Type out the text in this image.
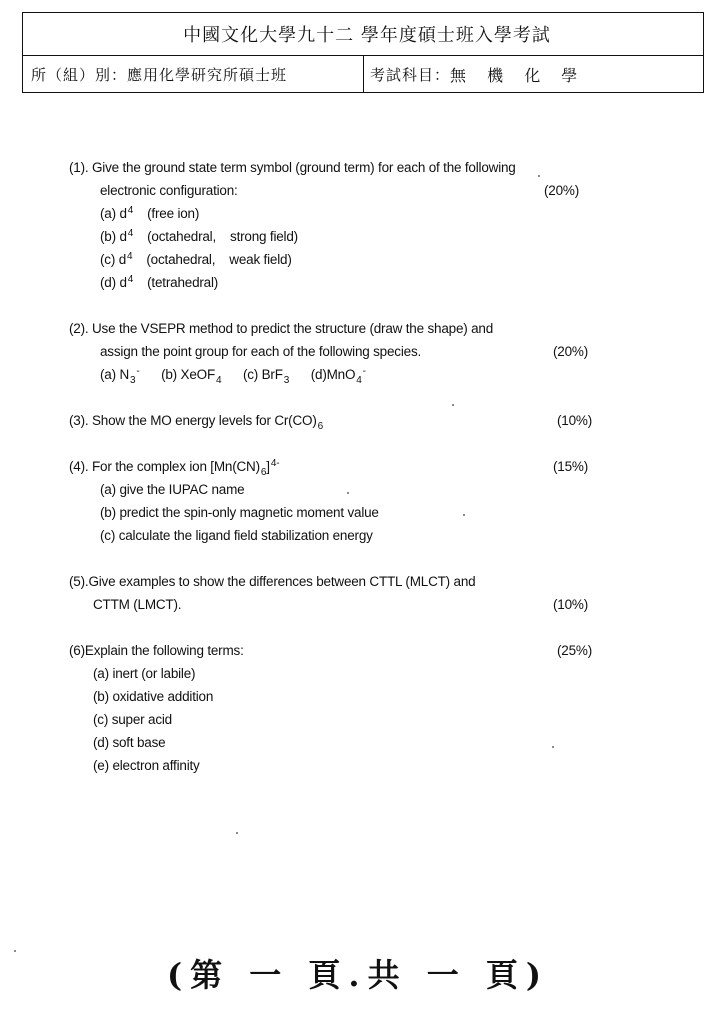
中國文化大學九十二 學年度碩士班入學考試
所（組）別： 應用化學研究所碩士班	考試科目： 無 機 化 學
(1). Give the ground state term symbol (ground term) for each of the following
electronic configuration:	(20%)
(a) $d^4$ (free ion)
(b) $d^4$ (octahedral, strong field)
(c) $d^4$ (octahedral, weak field)
(d) $d^4$ (tetrahedral)
(2). Use the VSEPR method to predict the structure (draw the shape) and
assign the point group for each of the following species.	(20%)
(a) $N_3^-$ (b) XeOF$_4$ (c) BrF$_3$ (d)MnO$_4$-
(3). Show the MO energy levels for $Cr(CO)_6$	(10%)
(4). For the complex ion $[Mn(CN)_6]^{4-}$	(15%)
(a) give the IUPAC name
(b) predict the spin-only magnetic moment value
(c) calculate the ligand field stabilization energy
(5).Give examples to show the differences between CTTL (MLCT) and
CTTM (LMCT).	(10%)
(6)Explain the following terms:	(25%)
(a) inert (or labile)
(b) oxidative addition
(c) super acid
(d) soft base
(e) electron affinity
(第 一 頁.共 一 頁)
